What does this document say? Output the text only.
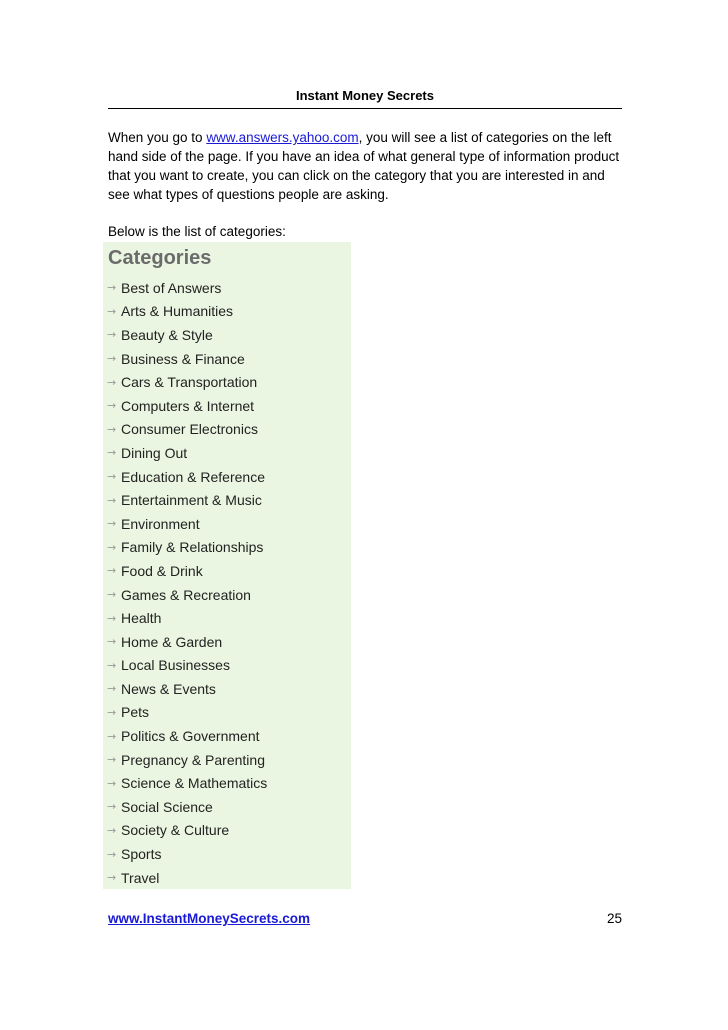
Instant Money Secrets

When you go to www.answers.yahoo.com, you will see a list of categories on the left hand side of the page. If you have an idea of what general type of information product that you want to create, you can click on the category that you are interested in and see what types of questions people are asking.

Below is the list of categories:

Categories
→ Best of Answers
→ Arts & Humanities
→ Beauty & Style
→ Business & Finance
→ Cars & Transportation
→ Computers & Internet
→ Consumer Electronics
→ Dining Out
→ Education & Reference
→ Entertainment & Music
→ Environment
→ Family & Relationships
→ Food & Drink
→ Games & Recreation
→ Health
→ Home & Garden
→ Local Businesses
→ News & Events
→ Pets
→ Politics & Government
→ Pregnancy & Parenting
→ Science & Mathematics
→ Social Science
→ Society & Culture
→ Sports
→ Travel
www.InstantMoneySecrets.com	25
